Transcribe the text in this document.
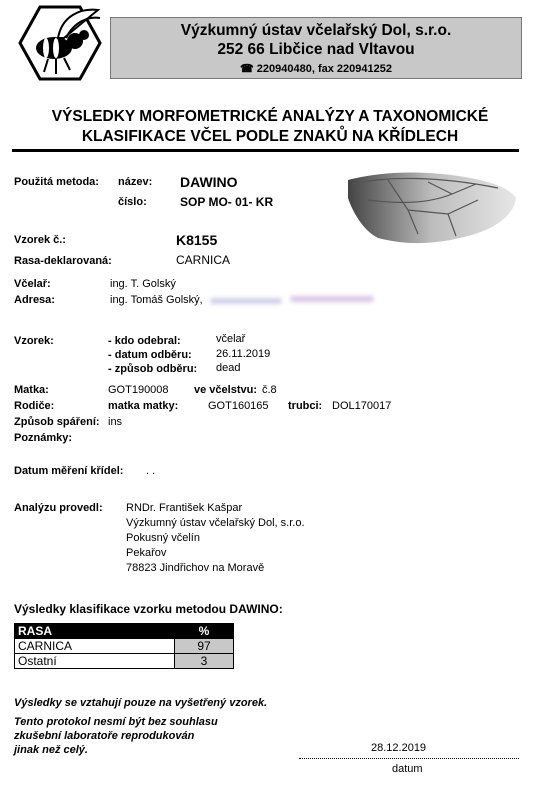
Výzkumný ústav včelařský Dol, s.r.o.
252 66 Libčice nad Vltavou
☎ 220940480, fax 220941252
VÝSLEDKY MORFOMETRICKÉ ANALÝZY A TAXONOMICKÉ
KLASIFIKACE VČEL PODLE ZNAKŮ NA KŘÍDLECH
Použitá metoda: název: DAWINO
číslo:	SOP MO- 01- KR
Vzorek č.:	K8155
Rasa-deklarovaná:	CARNICA
Včelař:	ing. T. Golský
Adresa:	ing. Tomáš Golský,
Vzorek:	- kdo odebral:	včelař
- datum odběru: 26.11.2019
- způsob odběru: dead
Matka:	GOT190008 ve včelstvu: č.8
Rodiče:	matka matky:	GOT160165 trubci: DOL170017
Způsob spáření: ins
Poznámky:
Datum měření křídel: . .
Analýzu provedl: RNDr. František Kašpar
Výzkumný ústav včelařský Dol, s.r.o.
Pokusný včelín
Pekařov
78823 Jindřichov na Moravě
Výsledky klasifikace vzorku metodou DAWINO:
RASA	%
CARNICA	97
Ostatní	3
Výsledky se vztahují pouze na vyšetřený vzorek.
Tento protokol nesmí být bez souhlasu
zkušební laboratoře reprodukován
jinak než celý.	28.12.2019
datum
